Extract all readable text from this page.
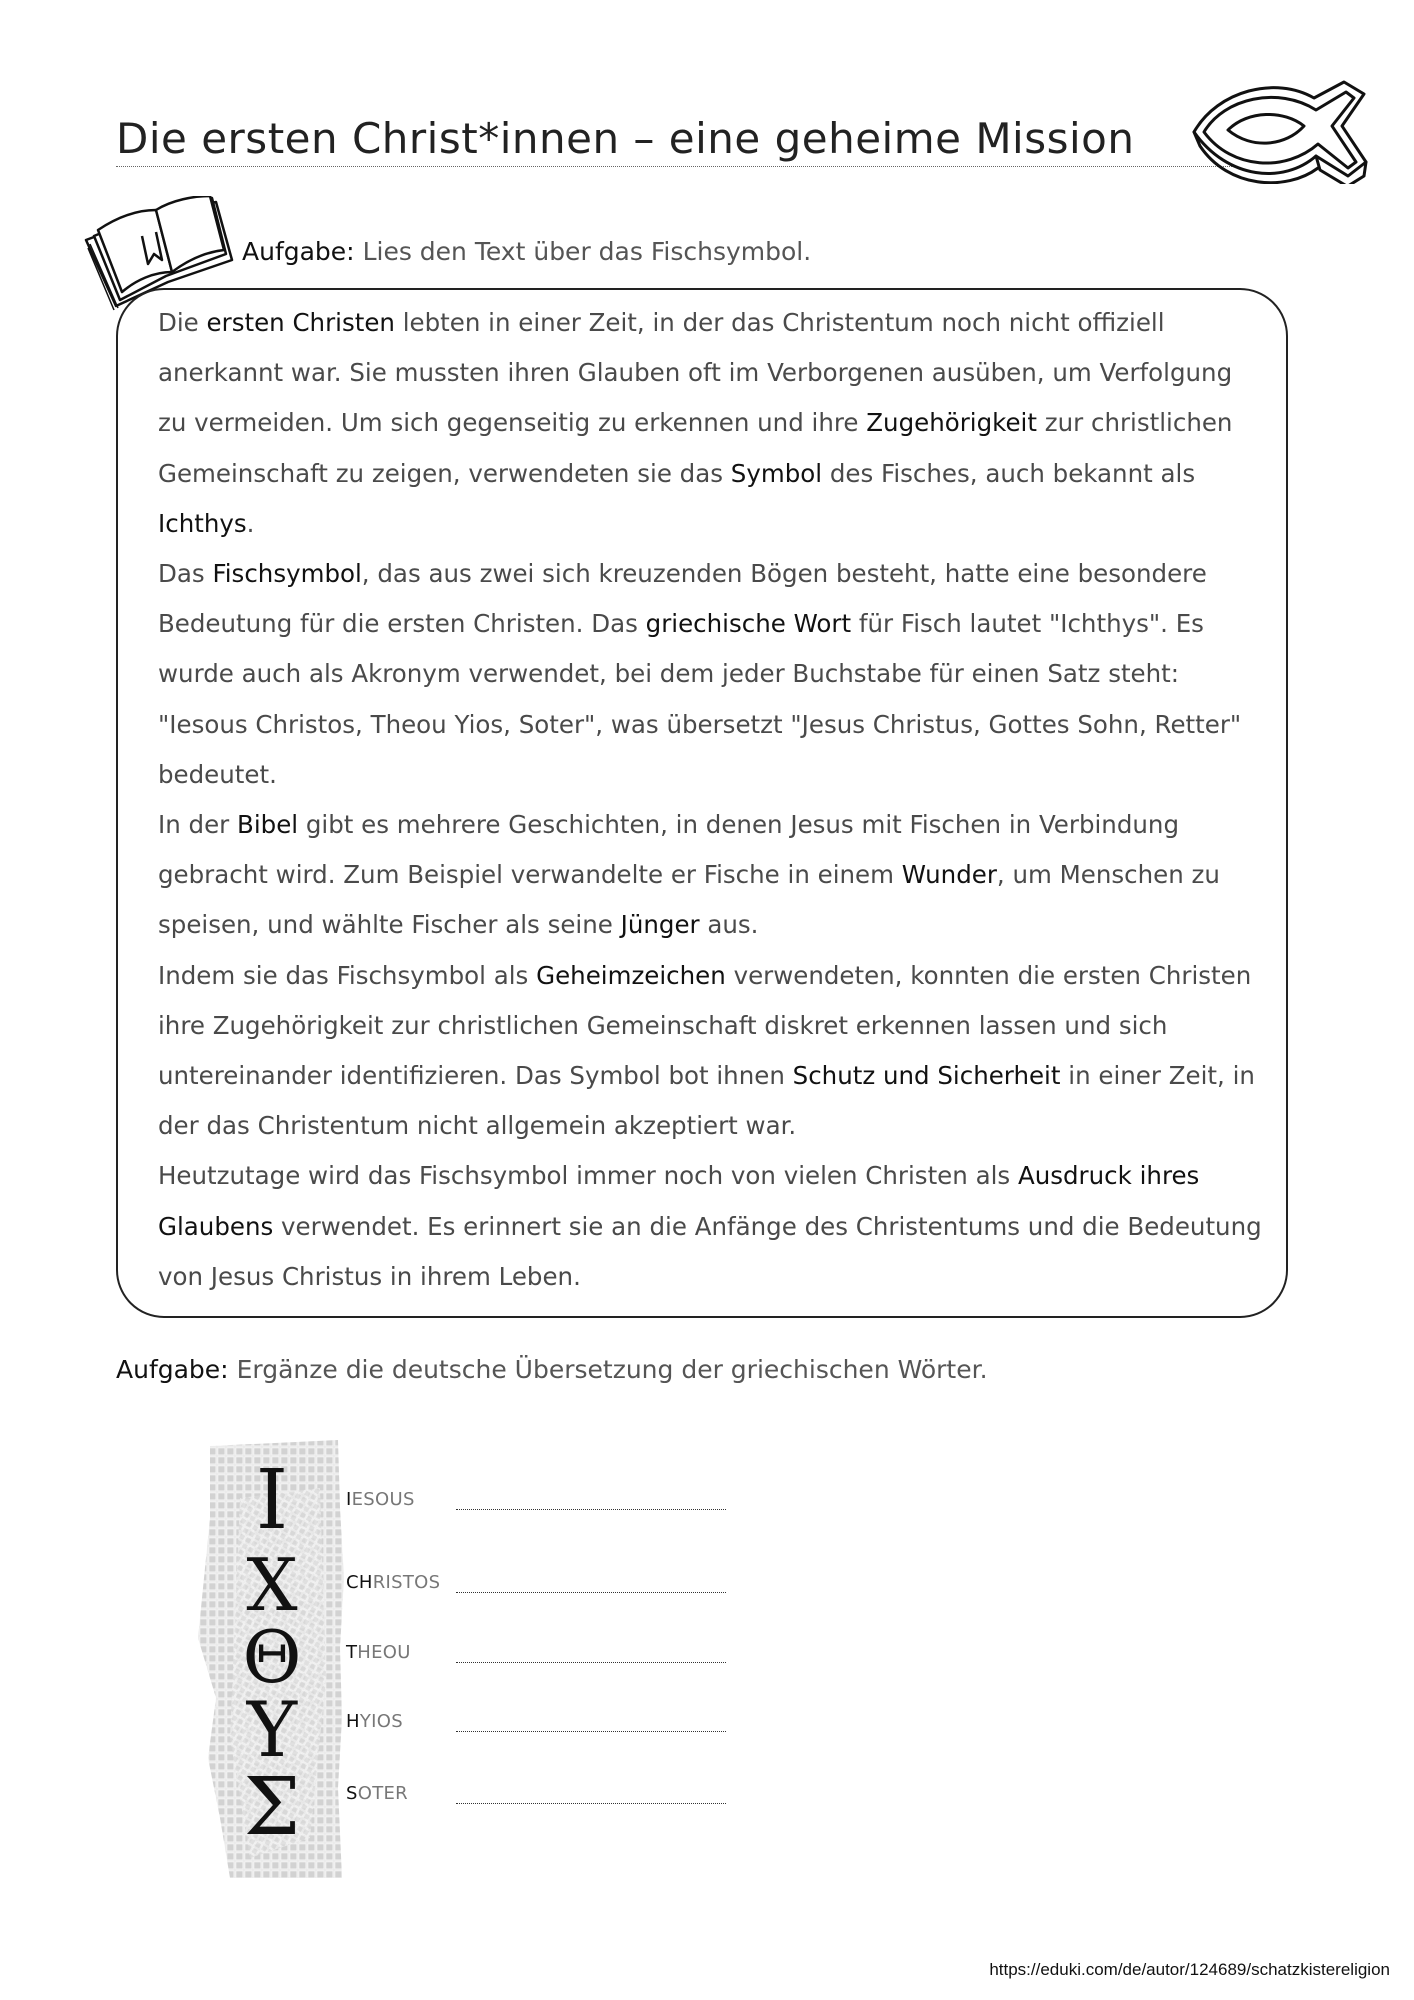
Die ersten Christ*innen – eine geheime Mission
Aufgabe: Lies den Text über das Fischsymbol.

Die ersten Christen lebten in einer Zeit, in der das Christentum noch nicht offiziell anerkannt war. Sie mussten ihren Glauben oft im Verborgenen ausüben, um Verfolgung zu vermeiden. Um sich gegenseitig zu erkennen und ihre Zugehörigkeit zur christlichen Gemeinschaft zu zeigen, verwendeten sie das Symbol des Fisches, auch bekannt als Ichthys.

Das Fischsymbol, das aus zwei sich kreuzenden Bögen besteht, hatte eine besondere Bedeutung für die ersten Christen. Das griechische Wort für Fisch lautet "Ichthys". Es wurde auch als Akronym verwendet, bei dem jeder Buchstabe für einen Satz steht: "Iesous Christos, Theou Yios, Soter", was übersetzt "Jesus Christus, Gottes Sohn, Retter" bedeutet.

In der Bibel gibt es mehrere Geschichten, in denen Jesus mit Fischen in Verbindung gebracht wird. Zum Beispiel verwandelte er Fische in einem Wunder, um Menschen zu speisen, und wählte Fischer als seine Jünger aus.

Indem sie das Fischsymbol als Geheimzeichen verwendeten, konnten die ersten Christen ihre Zugehörigkeit zur christlichen Gemeinschaft diskret erkennen lassen und sich untereinander identifizieren. Das Symbol bot ihnen Schutz und Sicherheit in einer Zeit, in der das Christentum nicht allgemein akzeptiert war.

Heutzutage wird das Fischsymbol immer noch von vielen Christen als Ausdruck ihres Glaubens verwendet. Es erinnert sie an die Anfänge des Christentums und die Bedeutung von Jesus Christus in ihrem Leben.

Aufgabe: Ergänze die deutsche Übersetzung der griechischen Wörter.
Ι
Χ
Θ
Υ
Σ
IESOUS
CHRISTOS
THEOU
HYIOS
SOTER
https://eduki.com/de/autor/124689/schatzkistereligion
